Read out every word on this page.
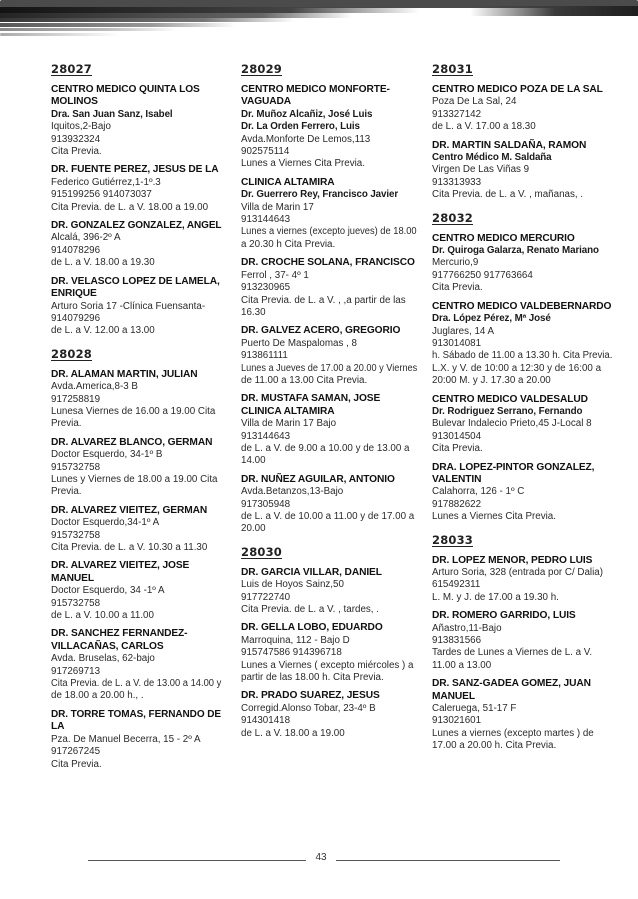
28027
CENTRO MEDICO QUINTA LOS
MOLINOS
Dra. San Juan Sanz, Isabel
Iquitos,2-Bajo
913932324
Cita Previa.
DR. FUENTE PEREZ, JESUS DE LA
Federico Gutiérrez,1-1º.3
915199256 914073037
Cita Previa. de L. a V. 18.00 a 19.00
DR. GONZALEZ GONZALEZ, ANGEL
Alcalá, 396-2º A
914078296
de L. a V. 18.00 a 19.30
DR. VELASCO LOPEZ DE LAMELA,
ENRIQUE
Arturo Soria 17 -Clínica Fuensanta-
914079296
de L. a V. 12.00 a 13.00
28028
DR. ALAMAN MARTIN, JULIAN
Avda.America,8-3 B
917258819
Lunesa Viernes de 16.00 a 19.00 Cita
Previa.
DR. ALVAREZ BLANCO, GERMAN
Doctor Esquerdo, 34-1º B
915732758
Lunes y Viernes de 18.00 a 19.00 Cita
Previa.
DR. ALVAREZ VIEITEZ, GERMAN
Doctor Esquerdo,34-1º A
915732758
Cita Previa. de L. a V. 10.30 a 11.30
DR. ALVAREZ VIEITEZ, JOSE
MANUEL
Doctor Esquerdo, 34 -1º A
915732758
de L. a V. 10.00 a 11.00
DR. SANCHEZ FERNANDEZ-
VILLACAÑAS, CARLOS
Avda. Bruselas, 62-bajo
917269713
Cita Previa. de L. a V. de 13.00 a 14.00 y
de 18.00 a 20.00 h., .
DR. TORRE TOMAS, FERNANDO DE
LA
Pza. De Manuel Becerra, 15 - 2º A
917267245
Cita Previa.
28029
CENTRO MEDICO MONFORTE-
VAGUADA
Dr. Muñoz Alcañiz, José Luis
Dr. La Orden Ferrero, Luis
Avda.Monforte De Lemos,113
902575114
Lunes a Viernes Cita Previa.
CLINICA ALTAMIRA
Dr. Guerrero Rey, Francisco Javier
Villa de Marin 17
913144643
Lunes a viernes (excepto jueves) de 18.00
a 20.30 h Cita Previa.
DR. CROCHE SOLANA, FRANCISCO
Ferrol , 37- 4º 1
913230965
Cita Previa. de L. a V. , ,a partir de las
16.30
DR. GALVEZ ACERO, GREGORIO
Puerto De Maspalomas , 8
913861111
Lunes a Jueves de 17.00 a 20.00 y Viernes
de 11.00 a 13.00 Cita Previa.
DR. MUSTAFA SAMAN, JOSE
CLINICA ALTAMIRA
Villa de Marin 17 Bajo
913144643
de L. a V. de 9.00 a 10.00 y de 13.00 a
14.00
DR. NUÑEZ AGUILAR, ANTONIO
Avda.Betanzos,13-Bajo
917305948
de L. a V. de 10.00 a 11.00 y de 17.00 a
20.00
28030
DR. GARCIA VILLAR, DANIEL
Luis de Hoyos Sainz,50
917722740
Cita Previa. de L. a V. , tardes, .
DR. GELLA LOBO, EDUARDO
Marroquina, 112 - Bajo D
915747586 914396718
Lunes a Viernes ( excepto miércoles ) a
partir de las 18.00 h. Cita Previa.
DR. PRADO SUAREZ, JESUS
Corregid.Alonso Tobar, 23-4º B
914301418
de L. a V. 18.00 a 19.00
28031
CENTRO MEDICO POZA DE LA SAL
Poza De La Sal, 24
913327142
de L. a V. 17.00 a 18.30
DR. MARTIN SALDAÑA, RAMON
Centro Médico M. Saldaña
Virgen De Las Viñas 9
913313933
Cita Previa. de L. a V. , mañanas, .
28032
CENTRO MEDICO MERCURIO
Dr. Quiroga Galarza, Renato Mariano
Mercurio,9
917766250 917763664
Cita Previa.
CENTRO MEDICO VALDEBERNARDO
Dra. López Pérez, Mª José
Juglares, 14 A
913014081
h. Sábado de 11.00 a 13.30 h. Cita Previa.
L.X. y V. de 10:00 a 12:30 y de 16:00 a
20:00 M. y J. 17.30 a 20.00
CENTRO MEDICO VALDESALUD
Dr. Rodriguez Serrano, Fernando
Bulevar Indalecio Prieto,45 J-Local 8
913014504
Cita Previa.
DRA. LOPEZ-PINTOR GONZALEZ,
VALENTIN
Calahorra, 126 - 1º C
917882622
Lunes a Viernes Cita Previa.
28033
DR. LOPEZ MENOR, PEDRO LUIS
Arturo Soria, 328 (entrada por C/ Dalia)
615492311
L. M. y J. de 17.00 a 19.30 h.
DR. ROMERO GARRIDO, LUIS
Añastro,11-Bajo
913831566
Tardes de Lunes a Viernes de L. a V.
11.00 a 13.00
DR. SANZ-GADEA GOMEZ, JUAN
MANUEL
Caleruega, 51-17 F
913021601
Lunes a viernes (excepto martes ) de
17.00 a 20.00 h. Cita Previa.
43
